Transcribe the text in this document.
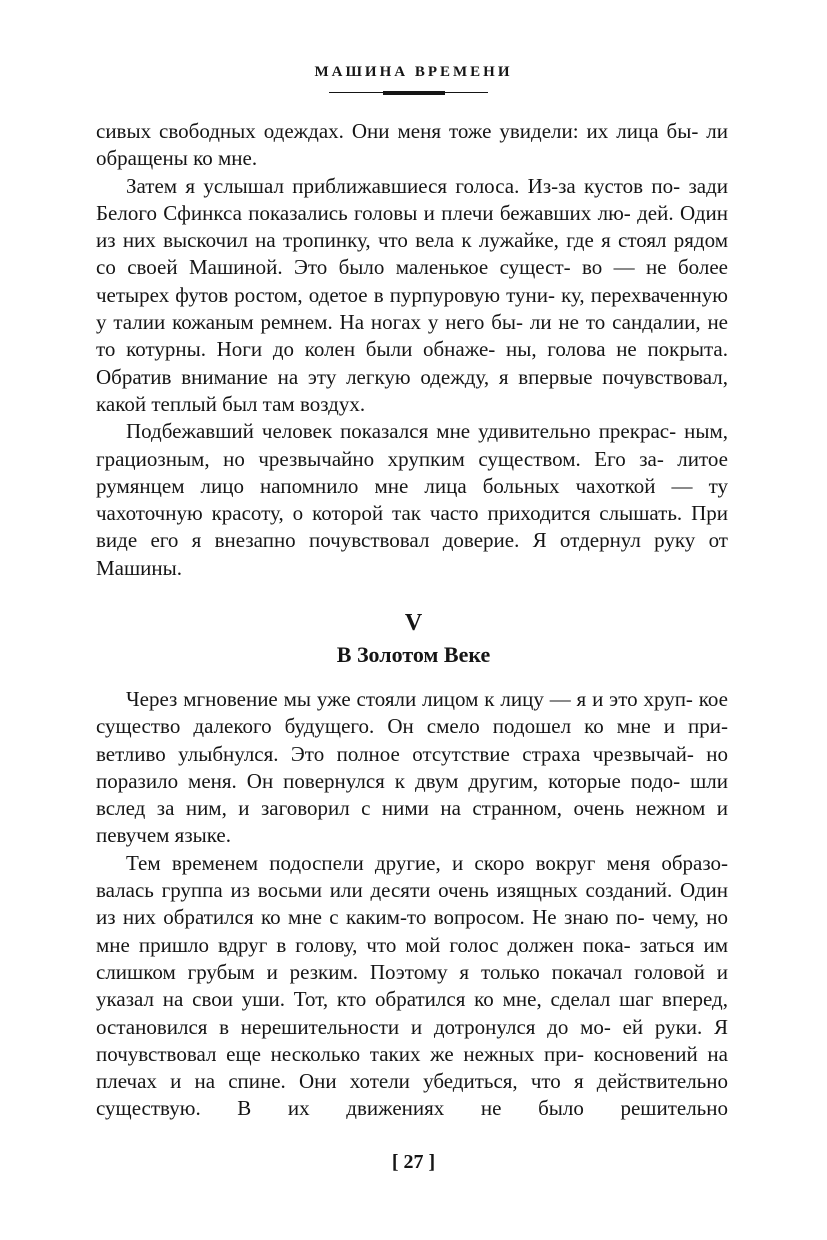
МАШИНА ВРЕМЕНИ

сивых свободных одеждах. Они меня тоже увидели: их лица бы- ли обращены ко мне.

Затем я услышал приближавшиеся голоса. Из-за кустов по- зади Белого Сфинкса показались головы и плечи бежавших лю- дей. Один из них выскочил на тропинку, что вела к лужайке, где я стоял рядом со своей Машиной. Это было маленькое сущест- во — не более четырех футов ростом, одетое в пурпуровую туни- ку, перехваченную у талии кожаным ремнем. На ногах у него бы- ли не то сандалии, не то котурны. Ноги до колен были обнаже- ны, голова не покрыта. Обратив внимание на эту легкую одежду, я впервые почувствовал, какой теплый был там воздух.

Подбежавший человек показался мне удивительно прекрас- ным, грациозным, но чрезвычайно хрупким существом. Его за- литое румянцем лицо напомнило мне лица больных чахоткой — ту чахоточную красоту, о которой так часто приходится слышать. При виде его я внезапно почувствовал доверие. Я отдернул руку от Машины.

V
В Золотом Веке

Через мгновение мы уже стояли лицом к лицу — я и это хруп- кое существо далекого будущего. Он смело подошел ко мне и при- ветливо улыбнулся. Это полное отсутствие страха чрезвычай- но поразило меня. Он повернулся к двум другим, которые подо- шли вслед за ним, и заговорил с ними на странном, очень нежном и певучем языке.

Тем временем подоспели другие, и скоро вокруг меня образо- валась группа из восьми или десяти очень изящных созданий. Один из них обратился ко мне с каким-то вопросом. Не знаю по- чему, но мне пришло вдруг в голову, что мой голос должен пока- заться им слишком грубым и резким. Поэтому я только покачал головой и указал на свои уши. Тот, кто обратился ко мне, сделал шаг вперед, остановился в нерешительности и дотронулся до мо- ей руки. Я почувствовал еще несколько таких же нежных при- косновений на плечах и на спине. Они хотели убедиться, что я действительно существую. В их движениях не было решительно

[ 27 ]
